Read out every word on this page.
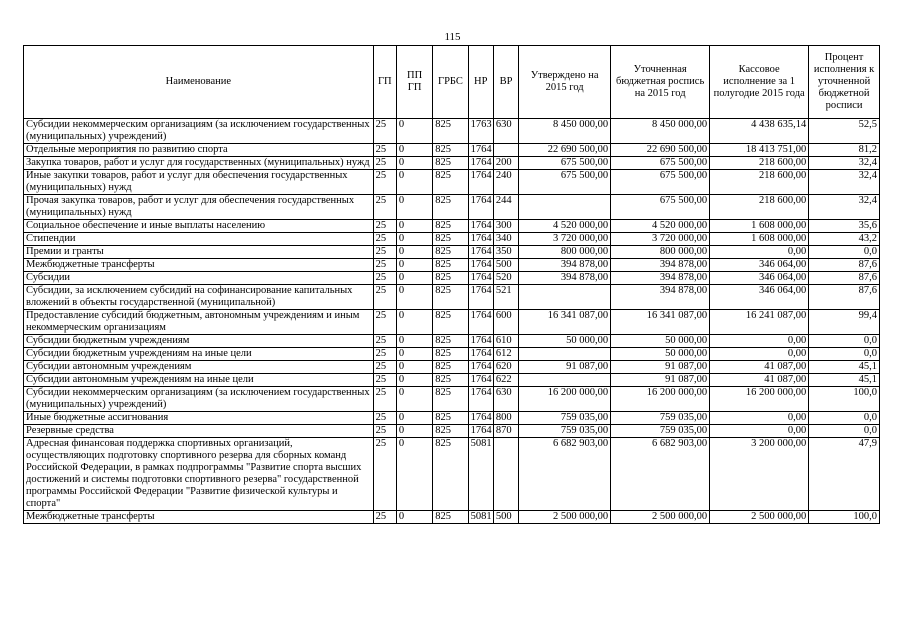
115
Наименование	ГП	ПП ГП	ГРБС	НР	ВР	Утверждено на 2015 год	Уточненная бюджетная роспись на 2015 год	Кассовое исполнение за 1 полугодие 2015 года	Процент исполнения к уточненной бюджетной росписи
Субсидии некоммерческим организациям (за исключением государственных (муниципальных) учреждений)	25	0	825	1763	630	8 450 000,00	8 450 000,00	4 438 635,14	52,5
Отдельные мероприятия по развитию спорта	25	0	825	1764		22 690 500,00	22 690 500,00	18 413 751,00	81,2
Закупка товаров, работ и услуг для государственных (муниципальных) нужд	25	0	825	1764	200	675 500,00	675 500,00	218 600,00	32,4
Иные закупки товаров, работ и услуг для обеспечения государственных (муниципальных) нужд	25	0	825	1764	240	675 500,00	675 500,00	218 600,00	32,4
Прочая закупка товаров, работ и услуг для обеспечения государственных (муниципальных) нужд	25	0	825	1764	244		675 500,00	218 600,00	32,4
Социальное обеспечение и иные выплаты населению	25	0	825	1764	300	4 520 000,00	4 520 000,00	1 608 000,00	35,6
Стипендии	25	0	825	1764	340	3 720 000,00	3 720 000,00	1 608 000,00	43,2
Премии и гранты	25	0	825	1764	350	800 000,00	800 000,00	0,00	0,0
Межбюджетные трансферты	25	0	825	1764	500	394 878,00	394 878,00	346 064,00	87,6
Субсидии	25	0	825	1764	520	394 878,00	394 878,00	346 064,00	87,6
Субсидии, за исключением субсидий на софинансирование капитальных вложений в объекты государственной (муниципальной)	25	0	825	1764	521		394 878,00	346 064,00	87,6
Предоставление субсидий бюджетным, автономным учреждениям и иным некоммерческим организациям	25	0	825	1764	600	16 341 087,00	16 341 087,00	16 241 087,00	99,4
Субсидии бюджетным учреждениям	25	0	825	1764	610	50 000,00	50 000,00	0,00	0,0
Субсидии бюджетным учреждениям на иные цели	25	0	825	1764	612		50 000,00	0,00	0,0
Субсидии автономным учреждениям	25	0	825	1764	620	91 087,00	91 087,00	41 087,00	45,1
Субсидии автономным учреждениям на иные цели	25	0	825	1764	622		91 087,00	41 087,00	45,1
Субсидии некоммерческим организациям (за исключением государственных (муниципальных) учреждений)	25	0	825	1764	630	16 200 000,00	16 200 000,00	16 200 000,00	100,0
Иные бюджетные ассигнования	25	0	825	1764	800	759 035,00	759 035,00	0,00	0,0
Резервные средства	25	0	825	1764	870	759 035,00	759 035,00	0,00	0,0
Адресная финансовая поддержка спортивных организаций, осуществляющих подготовку спортивного резерва для сборных команд Российской Федерации, в рамках подпрограммы "Развитие спорта высших достижений и системы подготовки спортивного резерва" государственной программы Российской Федерации "Развитие физической культуры и спорта"	25	0	825	5081		6 682 903,00	6 682 903,00	3 200 000,00	47,9
Межбюджетные трансферты	25	0	825	5081	500	2 500 000,00	2 500 000,00	2 500 000,00	100,0
